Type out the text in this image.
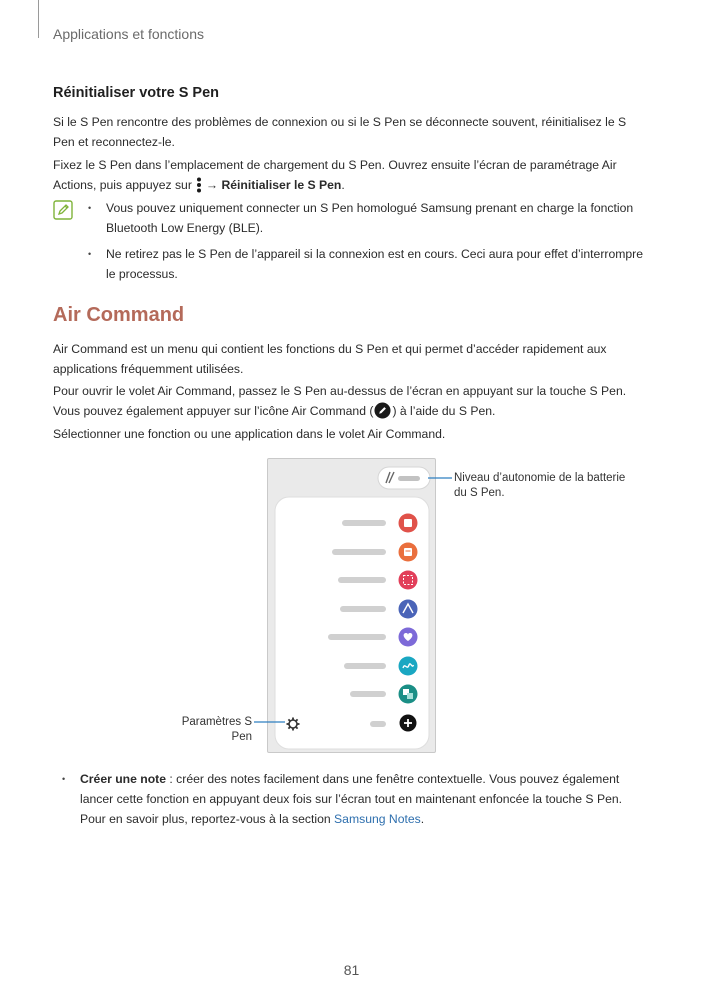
Applications et fonctions
Réinitialiser votre S Pen

Si le S Pen rencontre des problèmes de connexion ou si le S Pen se déconnecte souvent, réinitialisez le S Pen et reconnectez-le.

Fixez le S Pen dans l’emplacement de chargement du S Pen. Ouvrez ensuite l’écran de paramétrage Air Actions, puis appuyez sur → Réinitialiser le S Pen.

• Vous pouvez uniquement connecter un S Pen homologué Samsung prenant en charge la fonction Bluetooth Low Energy (BLE).
• Ne retirez pas le S Pen de l’appareil si la connexion est en cours. Ceci aura pour effet d’interrompre le processus.
Air Command

Air Command est un menu qui contient les fonctions du S Pen et qui permet d’accéder rapidement aux applications fréquemment utilisées.

Pour ouvrir le volet Air Command, passez le S Pen au-dessus de l’écran en appuyant sur la touche S Pen. Vous pouvez également appuyer sur l’icône Air Command ( ) à l’aide du S Pen.

Sélectionner une fonction ou une application dans le volet Air Command.

Niveau d’autonomie de la batterie du S Pen.
Paramètres S Pen
• Créer une note : créer des notes facilement dans une fenêtre contextuelle. Vous pouvez également lancer cette fonction en appuyant deux fois sur l’écran tout en maintenant enfoncée la touche S Pen. Pour en savoir plus, reportez-vous à la section Samsung Notes.
81
